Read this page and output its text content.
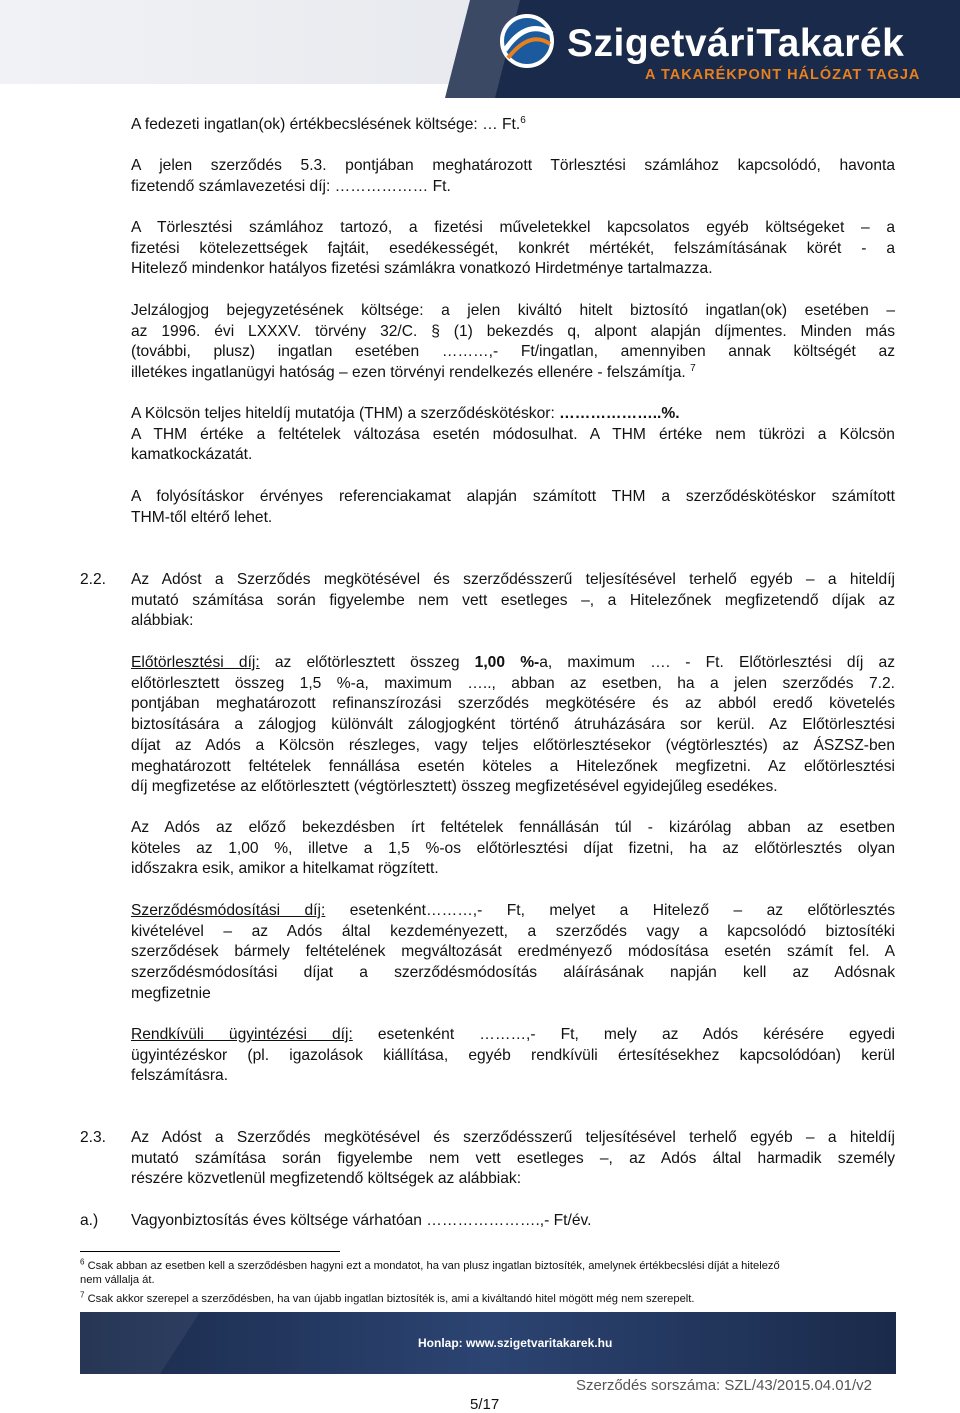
SzigetváriTakarék
A TAKARÉKPONT HÁLÓZAT TAGJA
A fedezeti ingatlan(ok) értékbecslésének költsége: … Ft.$^6$
A jelen szerződés 5.3. pontjában meghatározott Törlesztési számlához kapcsolódó, havonta
fizetendő számlavezetési díj: ……………… Ft.
A Törlesztési számlához tartozó, a fizetési műveletekkel kapcsolatos egyéb költségeket – a
fizetési kötelezettségek fajtáit, esedékességét, konkrét mértékét, felszámításának körét - a
Hitelező mindenkor hatályos fizetési számlákra vonatkozó Hirdetménye tartalmazza.
Jelzálogjog bejegyzetésének költsége: a jelen kiváltó hitelt biztosító ingatlan(ok) esetében –
az 1996. évi LXXXV. törvény 32/C. § (1) bekezdés q, alpont alapján díjmentes. Minden más
(további, plusz) ingatlan esetében ………,- Ft/ingatlan, amennyiben annak költségét az
illetékes ingatlanügyi hatóság – ezen törvényi rendelkezés ellenére - felszámítja. $^7$
A Kölcsön teljes hiteldíj mutatója (THM) a szerződéskötéskor: ………………..%.
A THM értéke a feltételek változása esetén módosulhat. A THM értéke nem tükrözi a Kölcsön
kamatkockázatát.
A folyósításkor érvényes referenciakamat alapján számított THM a szerződéskötéskor számított
THM-től eltérő lehet.
2.2. Az Adóst a Szerződés megkötésével és szerződésszerű teljesítésével terhelő egyéb – a hiteldíj
mutató számítása során figyelembe nem vett esetleges –, a Hitelezőnek megfizetendő díjak az
alábbiak:
Előtörlesztési díj: az előtörlesztett összeg 1,00 %-a, maximum …. - Ft. Előtörlesztési díj az
előtörlesztett összeg 1,5 %-a, maximum ….., abban az esetben, ha a jelen szerződés 7.2.
pontjában meghatározott refinanszírozási szerződés megkötésére és az abból eredő követelés
biztosítására a zálogjog különvált zálogjogként történő átruházására sor kerül. Az Előtörlesztési
díjat az Adós a Kölcsön részleges, vagy teljes előtörlesztésekor (végtörlesztés) az ÁSZSZ-ben
meghatározott feltételek fennállása esetén köteles a Hitelezőnek megfizetni. Az előtörlesztési
díj megfizetése az előtörlesztett (végtörlesztett) összeg megfizetésével egyidejűleg esedékes.
Az Adós az előző bekezdésben írt feltételek fennállásán túl - kizárólag abban az esetben
köteles az 1,00 %, illetve a 1,5 %-os előtörlesztési díjat fizetni, ha az előtörlesztés olyan
időszakra esik, amikor a hitelkamat rögzített.
Szerződésmódosítási díj: esetenként………,- Ft, melyet a Hitelező – az előtörlesztés
kivételével – az Adós által kezdeményezett, a szerződés vagy a kapcsolódó biztosítéki
szerződések bármely feltételének megváltozását eredményező módosítása esetén számít fel. A
szerződésmódosítási díjat a szerződésmódosítás aláírásának napján kell az Adósnak
megfizetnie
Rendkívüli ügyintézési díj: esetenként ………,- Ft, mely az Adós kérésére egyedi
ügyintézéskor (pl. igazolások kiállítása, egyéb rendkívüli értesítésekhez kapcsolódóan) kerül
felszámításra.
2.3. Az Adóst a Szerződés megkötésével és szerződésszerű teljesítésével terhelő egyéb – a hiteldíj
mutató számítása során figyelembe nem vett esetleges –, az Adós által harmadik személy
részére közvetlenül megfizetendő költségek az alábbiak:
a.) Vagyonbiztosítás éves költsége várhatóan ………………….,- Ft/év.
$^6$ Csak abban az esetben kell a szerződésben hagyni ezt a mondatot, ha van plusz ingatlan biztosíték, amelynek értékbecslési díját a hitelező
nem vállalja át.
$^7$ Csak akkor szerepel a szerződésben, ha van újabb ingatlan biztosíték is, ami a kiváltandó hitel mögött még nem szerepelt.
Honlap: www.szigetvaritakarek.hu
5/17
Szerződés sorszáma: SZL/43/2015.04.01/v2
